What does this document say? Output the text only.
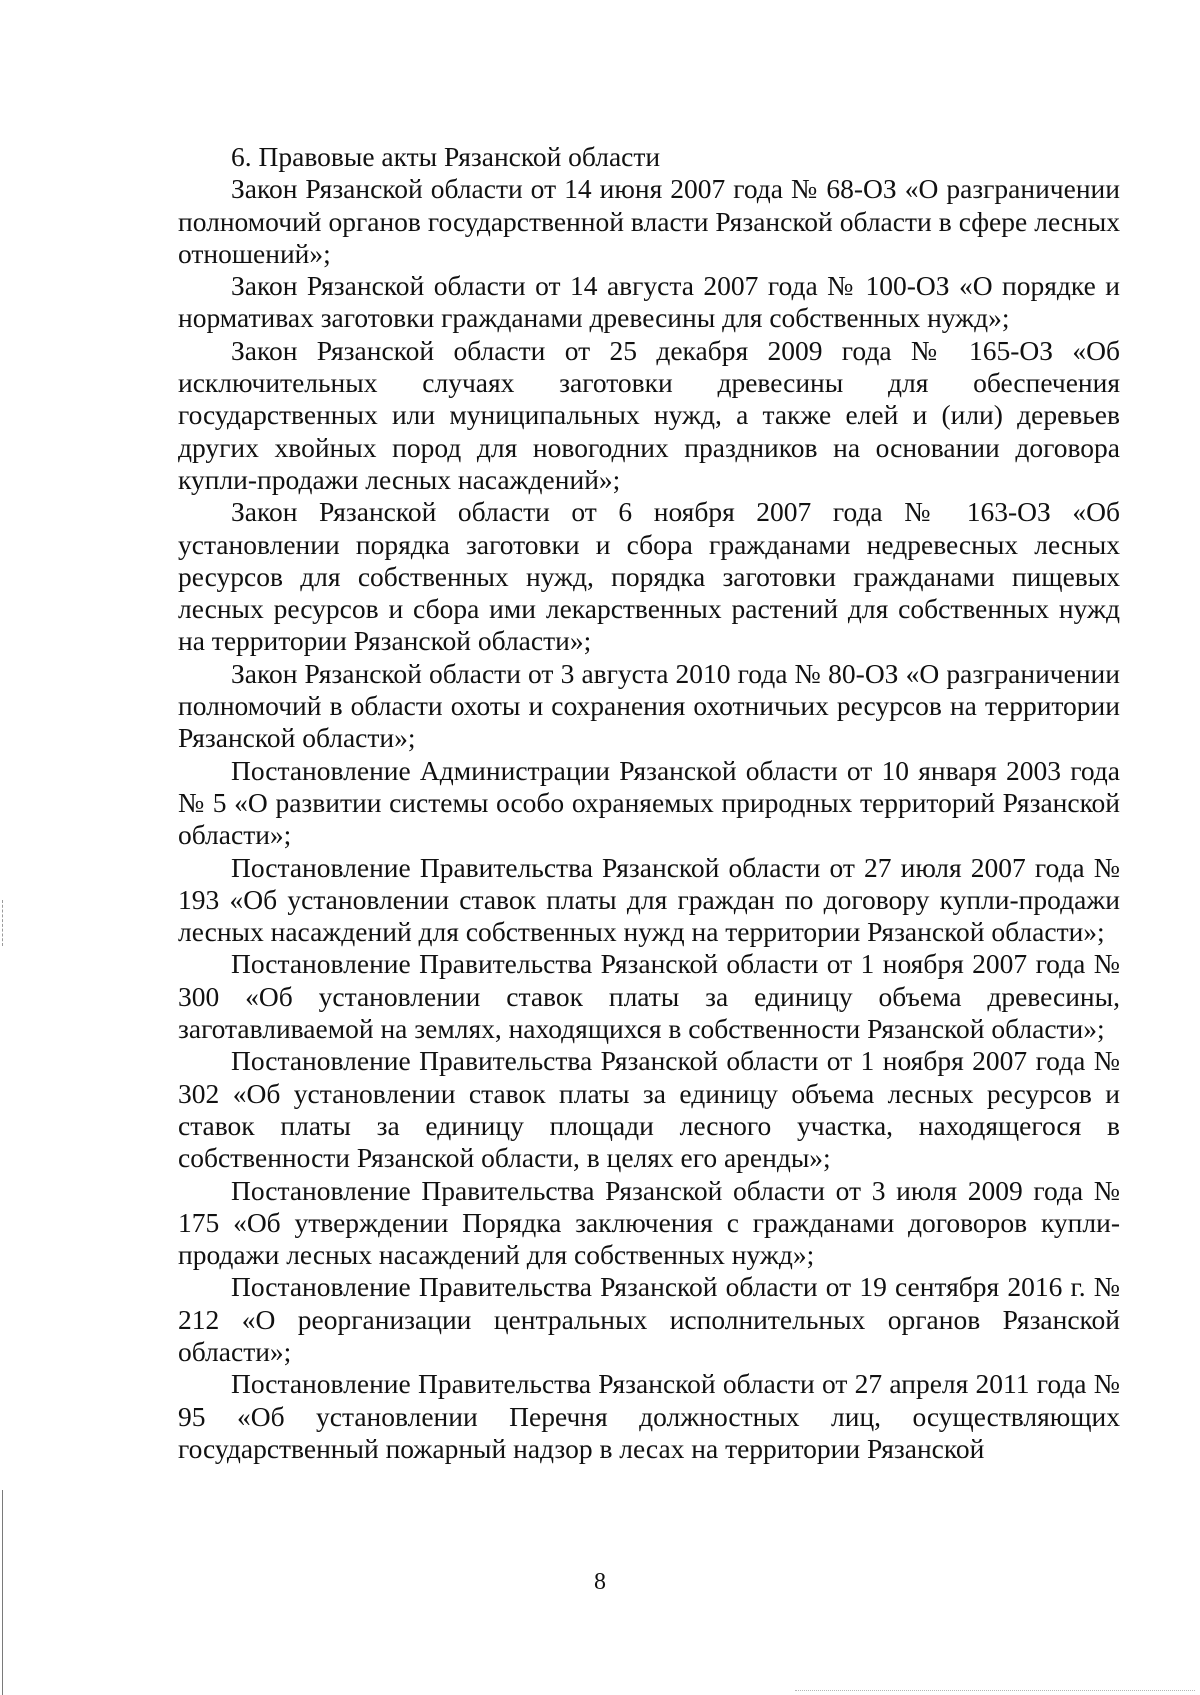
6. Правовые акты Рязанской области

Закон Рязанской области от 14 июня 2007 года № 68-ОЗ «О разграничении полномочий органов государственной власти Рязанской области в сфере лесных отношений»;

Закон Рязанской области от 14 августа 2007 года № 100-ОЗ «О порядке и нормативах заготовки гражданами древесины для собственных нужд»;

Закон Рязанской области от 25 декабря 2009 года № 165-ОЗ «Об исключительных случаях заготовки древесины для обеспечения государственных или муниципальных нужд, а также елей и (или) деревьев других хвойных пород для новогодних праздников на основании договора купли-продажи лесных насаждений»;

Закон Рязанской области от 6 ноября 2007 года № 163-ОЗ «Об установлении порядка заготовки и сбора гражданами недревесных лесных ресурсов для собственных нужд, порядка заготовки гражданами пищевых лесных ресурсов и сбора ими лекарственных растений для собственных нужд на территории Рязанской области»;

Закон Рязанской области от 3 августа 2010 года № 80-ОЗ «О разграничении полномочий в области охоты и сохранения охотничьих ресурсов на территории Рязанской области»;

Постановление Администрации Рязанской области от 10 января 2003 года № 5 «О развитии системы особо охраняемых природных территорий Рязанской области»;

Постановление Правительства Рязанской области от 27 июля 2007 года № 193 «Об установлении ставок платы для граждан по договору купли-продажи лесных насаждений для собственных нужд на территории Рязанской области»;

Постановление Правительства Рязанской области от 1 ноября 2007 года № 300 «Об установлении ставок платы за единицу объема древесины, заготавливаемой на землях, находящихся в собственности Рязанской области»;

Постановление Правительства Рязанской области от 1 ноября 2007 года № 302 «Об установлении ставок платы за единицу объема лесных ресурсов и ставок платы за единицу площади лесного участка, находящегося в собственности Рязанской области, в целях его аренды»;

Постановление Правительства Рязанской области от 3 июля 2009 года № 175 «Об утверждении Порядка заключения с гражданами договоров купли-продажи лесных насаждений для собственных нужд»;

Постановление Правительства Рязанской области от 19 сентября 2016 г. № 212 «О реорганизации центральных исполнительных органов Рязанской области»;

Постановление Правительства Рязанской области от 27 апреля 2011 года № 95 «Об установлении Перечня должностных лиц, осуществляющих государственный пожарный надзор в лесах на территории Рязанской

8
